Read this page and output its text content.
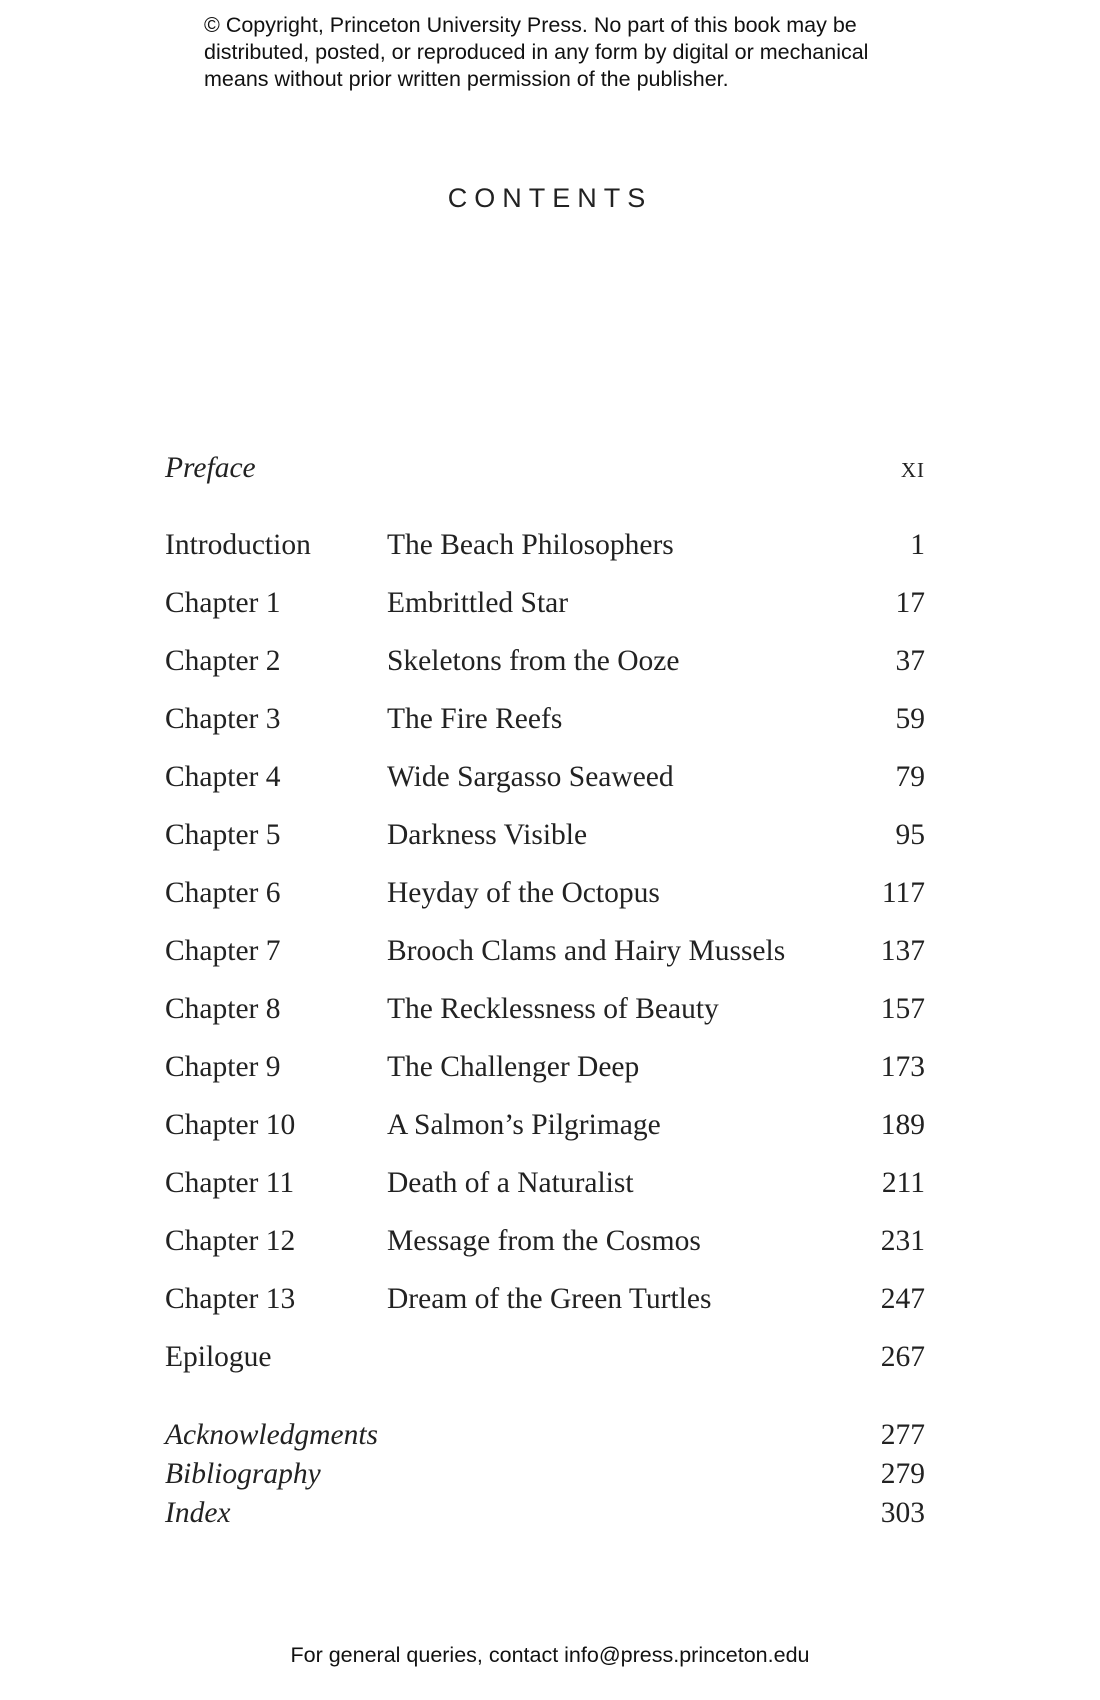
© Copyright, Princeton University Press. No part of this book may be distributed, posted, or reproduced in any form by digital or mechanical means without prior written permission of the publisher.
CONTENTS
Preface	xi
Introduction	The Beach Philosophers	1
Chapter 1	Embrittled Star	17
Chapter 2	Skeletons from the Ooze	37
Chapter 3	The Fire Reefs	59
Chapter 4	Wide Sargasso Seaweed	79
Chapter 5	Darkness Visible	95
Chapter 6	Heyday of the Octopus	117
Chapter 7	Brooch Clams and Hairy Mussels	137
Chapter 8	The Recklessness of Beauty	157
Chapter 9	The Challenger Deep	173
Chapter 10	A Salmon’s Pilgrimage	189
Chapter 11	Death of a Naturalist	211
Chapter 12	Message from the Cosmos	231
Chapter 13	Dream of the Green Turtles	247
Epilogue	267
Acknowledgments	277
Bibliography	279
Index	303
For general queries, contact info@press.princeton.edu
